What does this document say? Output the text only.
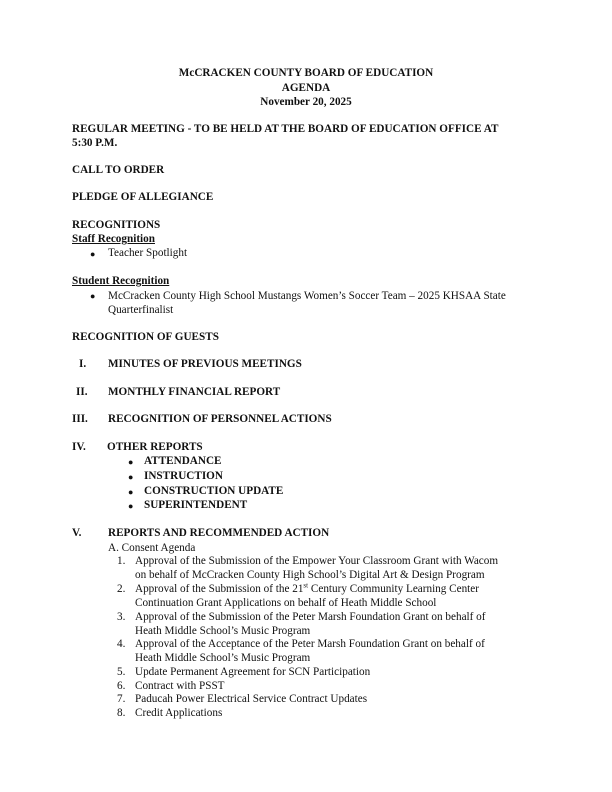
McCRACKEN COUNTY BOARD OF EDUCATION
AGENDA
November 20, 2025
REGULAR MEETING - TO BE HELD AT THE BOARD OF EDUCATION OFFICE AT
5:30 P.M.
CALL TO ORDER
PLEDGE OF ALLEGIANCE
RECOGNITIONS
Staff Recognition
● Teacher Spotlight
Student Recognition
● McCracken County High School Mustangs Women’s Soccer Team – 2025 KHSAA State
Quarterfinalist
RECOGNITION OF GUESTS
I. MINUTES OF PREVIOUS MEETINGS
II. MONTHLY FINANCIAL REPORT
III. RECOGNITION OF PERSONNEL ACTIONS
IV. OTHER REPORTS
● ATTENDANCE
● INSTRUCTION
● CONSTRUCTION UPDATE
● SUPERINTENDENT
V. REPORTS AND RECOMMENDED ACTION
A. Consent Agenda
1. Approval of the Submission of the Empower Your Classroom Grant with Wacom
on behalf of McCracken County High School’s Digital Art & Design Program
2. Approval of the Submission of the 21st Century Community Learning Center
Continuation Grant Applications on behalf of Heath Middle School
3. Approval of the Submission of the Peter Marsh Foundation Grant on behalf of
Heath Middle School’s Music Program
4. Approval of the Acceptance of the Peter Marsh Foundation Grant on behalf of
Heath Middle School’s Music Program
5. Update Permanent Agreement for SCN Participation
6. Contract with PSST
7. Paducah Power Electrical Service Contract Updates
8. Credit Applications
